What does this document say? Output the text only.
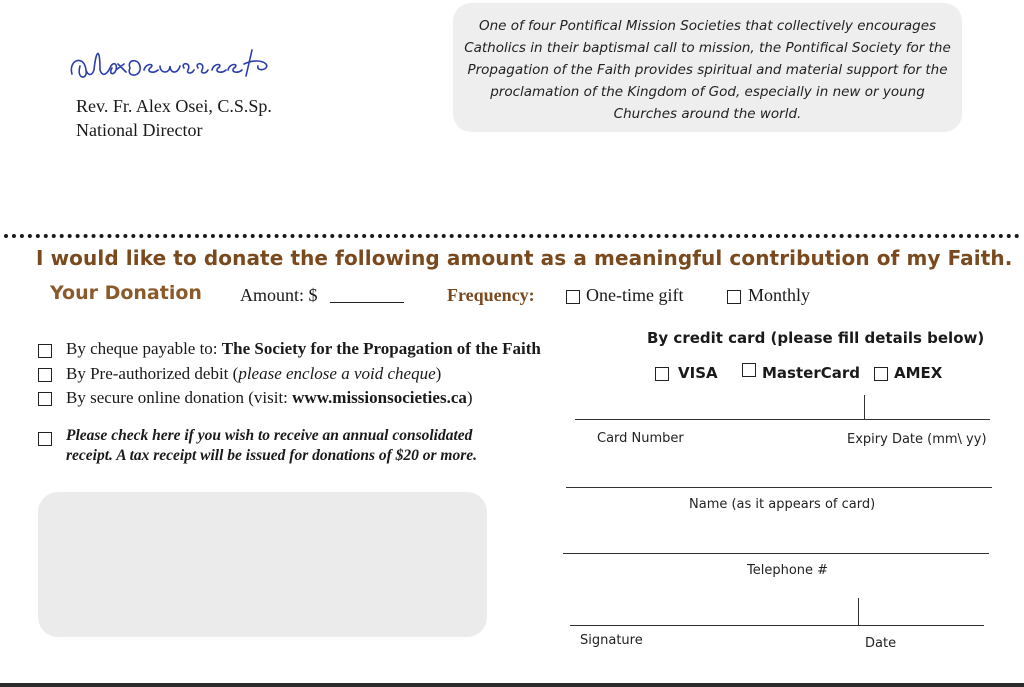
Rev. Fr. Alex Osei, C.S.Sp.
National Director
One of four Pontifical Mission Societies that collectively encourages Catholics in their baptismal call to mission, the Pontifical Society for the Propagation of the Faith provides spiritual and material support for the proclamation of the Kingdom of God, especially in new or young Churches around the world.
I would like to donate the following amount as a meaningful contribution of my Faith.
Your Donation Amount: $	Frequency:	One-time gift	Monthly
By cheque payable to: The Society for the Propagation of the Faith
By Pre-authorized debit (please enclose a void cheque)
By secure online donation (visit: www.missionsocieties.ca)
Please check here if you wish to receive an annual consolidated
receipt. A tax receipt will be issued for donations of $20 or more.
By credit card (please fill details below)
VISA	MasterCard AMEX
Card Number	Expiry Date (mm\ yy)
Name (as it appears of card)
Telephone #
Signature	Date
